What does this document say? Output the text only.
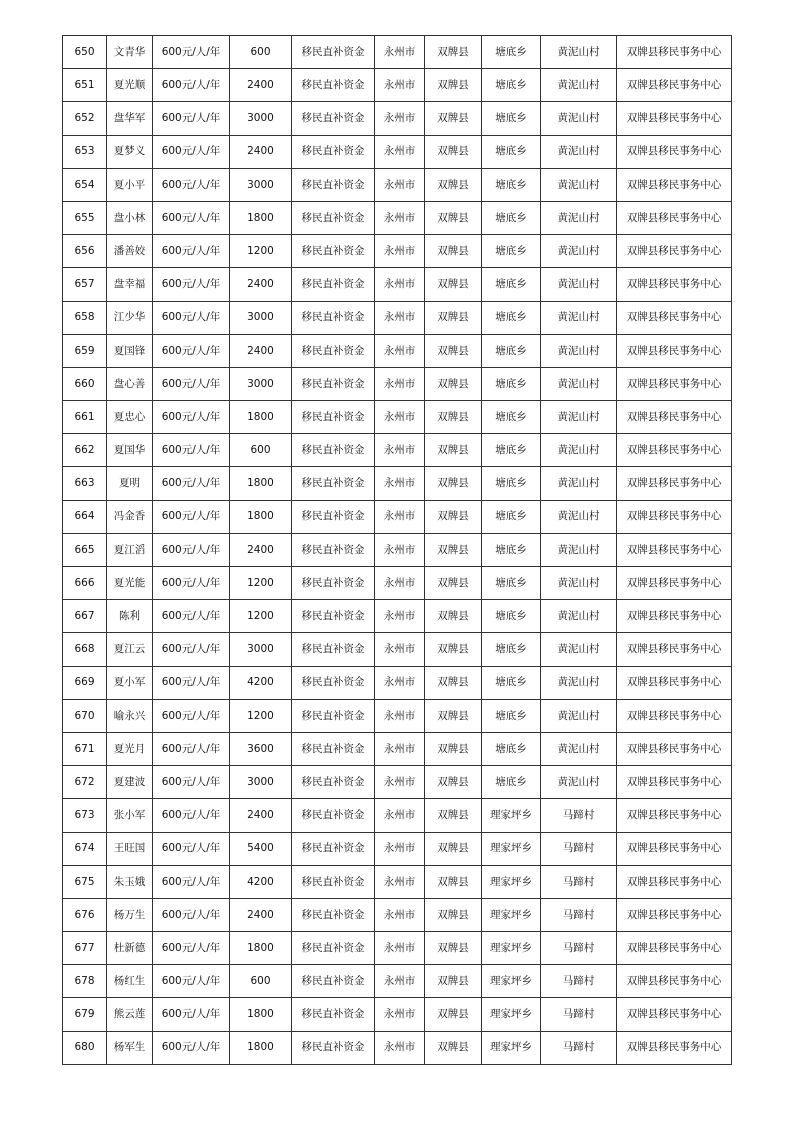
650	文青华	600元/人/年	600	移民直补资金	永州市	双牌县	塘底乡	黄泥山村	双牌县移民事务中心
651	夏光顺	600元/人/年	2400	移民直补资金	永州市	双牌县	塘底乡	黄泥山村	双牌县移民事务中心
652	盘华军	600元/人/年	3000	移民直补资金	永州市	双牌县	塘底乡	黄泥山村	双牌县移民事务中心
653	夏梦义	600元/人/年	2400	移民直补资金	永州市	双牌县	塘底乡	黄泥山村	双牌县移民事务中心
654	夏小平	600元/人/年	3000	移民直补资金	永州市	双牌县	塘底乡	黄泥山村	双牌县移民事务中心
655	盘小林	600元/人/年	1800	移民直补资金	永州市	双牌县	塘底乡	黄泥山村	双牌县移民事务中心
656	潘善姣	600元/人/年	1200	移民直补资金	永州市	双牌县	塘底乡	黄泥山村	双牌县移民事务中心
657	盘幸福	600元/人/年	2400	移民直补资金	永州市	双牌县	塘底乡	黄泥山村	双牌县移民事务中心
658	江少华	600元/人/年	3000	移民直补资金	永州市	双牌县	塘底乡	黄泥山村	双牌县移民事务中心
659	夏国锋	600元/人/年	2400	移民直补资金	永州市	双牌县	塘底乡	黄泥山村	双牌县移民事务中心
660	盘心善	600元/人/年	3000	移民直补资金	永州市	双牌县	塘底乡	黄泥山村	双牌县移民事务中心
661	夏忠心	600元/人/年	1800	移民直补资金	永州市	双牌县	塘底乡	黄泥山村	双牌县移民事务中心
662	夏国华	600元/人/年	600	移民直补资金	永州市	双牌县	塘底乡	黄泥山村	双牌县移民事务中心
663	夏明	600元/人/年	1800	移民直补资金	永州市	双牌县	塘底乡	黄泥山村	双牌县移民事务中心
664	冯金香	600元/人/年	1800	移民直补资金	永州市	双牌县	塘底乡	黄泥山村	双牌县移民事务中心
665	夏江滔	600元/人/年	2400	移民直补资金	永州市	双牌县	塘底乡	黄泥山村	双牌县移民事务中心
666	夏光能	600元/人/年	1200	移民直补资金	永州市	双牌县	塘底乡	黄泥山村	双牌县移民事务中心
667	陈利	600元/人/年	1200	移民直补资金	永州市	双牌县	塘底乡	黄泥山村	双牌县移民事务中心
668	夏江云	600元/人/年	3000	移民直补资金	永州市	双牌县	塘底乡	黄泥山村	双牌县移民事务中心
669	夏小军	600元/人/年	4200	移民直补资金	永州市	双牌县	塘底乡	黄泥山村	双牌县移民事务中心
670	喻永兴	600元/人/年	1200	移民直补资金	永州市	双牌县	塘底乡	黄泥山村	双牌县移民事务中心
671	夏光月	600元/人/年	3600	移民直补资金	永州市	双牌县	塘底乡	黄泥山村	双牌县移民事务中心
672	夏建波	600元/人/年	3000	移民直补资金	永州市	双牌县	塘底乡	黄泥山村	双牌县移民事务中心
673	张小军	600元/人/年	2400	移民直补资金	永州市	双牌县	理家坪乡	马蹄村	双牌县移民事务中心
674	王旺国	600元/人/年	5400	移民直补资金	永州市	双牌县	理家坪乡	马蹄村	双牌县移民事务中心
675	朱玉娥	600元/人/年	4200	移民直补资金	永州市	双牌县	理家坪乡	马蹄村	双牌县移民事务中心
676	杨万生	600元/人/年	2400	移民直补资金	永州市	双牌县	理家坪乡	马蹄村	双牌县移民事务中心
677	杜新德	600元/人/年	1800	移民直补资金	永州市	双牌县	理家坪乡	马蹄村	双牌县移民事务中心
678	杨红生	600元/人/年	600	移民直补资金	永州市	双牌县	理家坪乡	马蹄村	双牌县移民事务中心
679	熊云莲	600元/人/年	1800	移民直补资金	永州市	双牌县	理家坪乡	马蹄村	双牌县移民事务中心
680	杨军生	600元/人/年	1800	移民直补资金	永州市	双牌县	理家坪乡	马蹄村	双牌县移民事务中心
